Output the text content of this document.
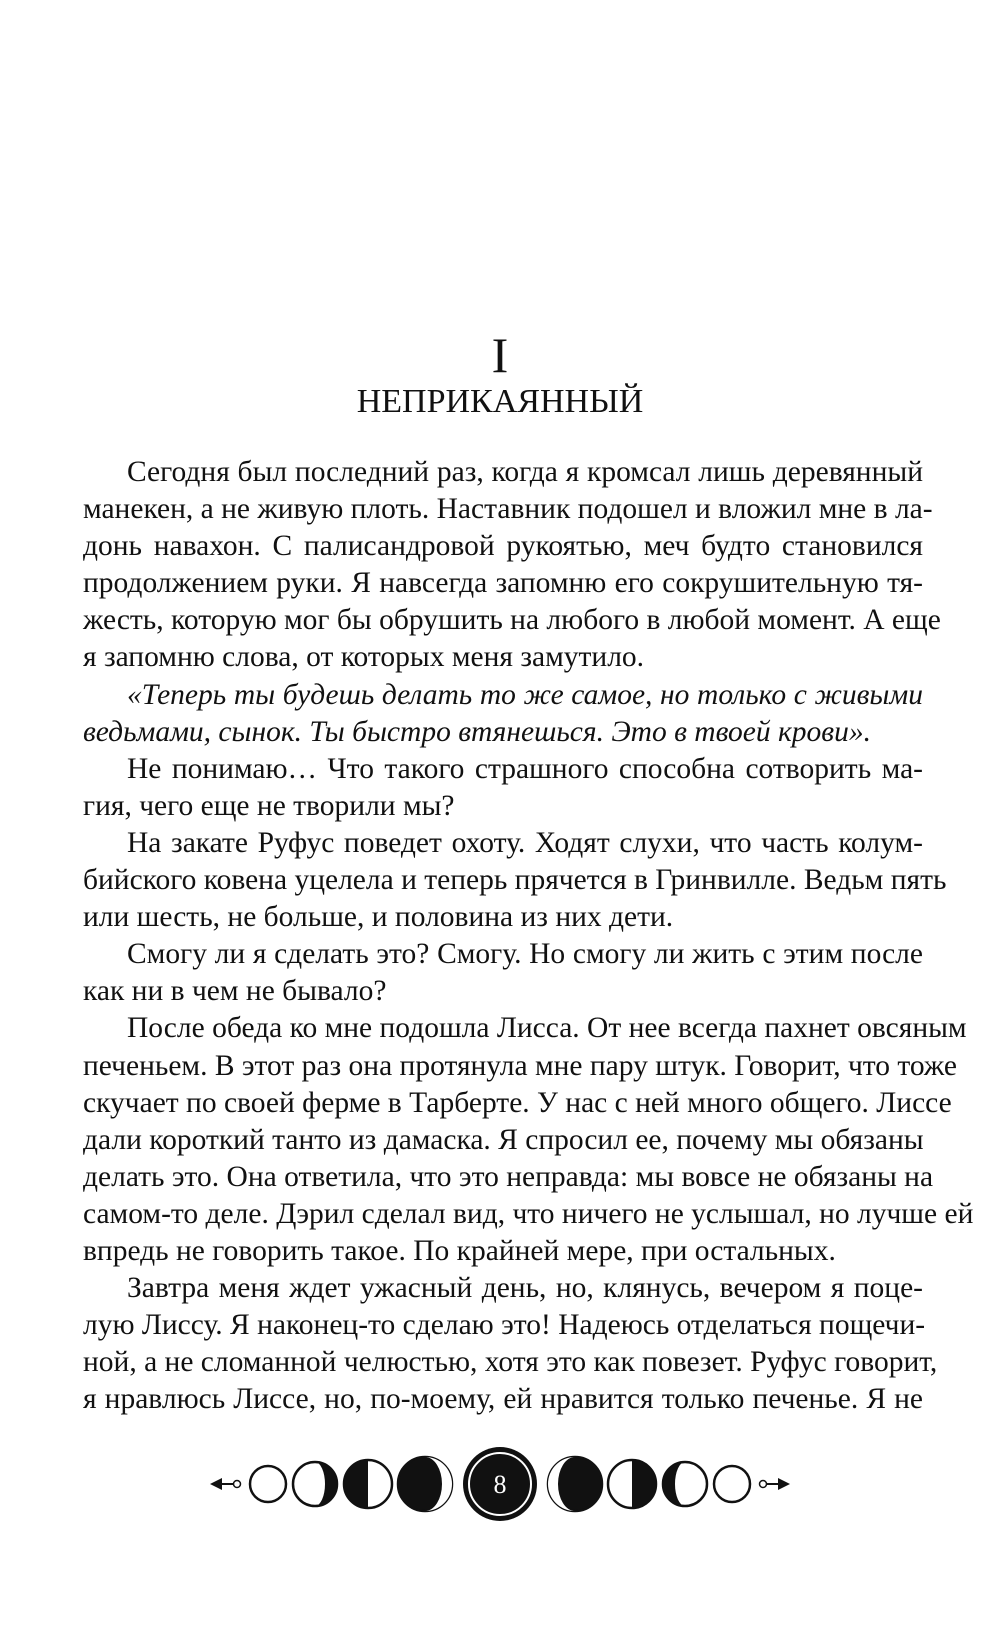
I
НЕПРИКАЯННЫЙ
Сегодня был последний раз, когда я кромсал лишь деревянный
манекен, а не живую плоть. Наставник подошел и вложил мне в ла-
донь навахон. С палисандровой рукоятью, меч будто становился
продолжением руки. Я навсегда запомню его сокрушительную тя-
жесть, которую мог бы обрушить на любого в любой момент. А еще
я запомню слова, от которых меня замутило.
«Теперь ты будешь делать то же самое, но только с живыми
ведьмами, сынок. Ты быстро втянешься. Это в твоей крови».
Не понимаю… Что такого страшного способна сотворить ма-
гия, чего еще не творили мы?
На закате Руфус поведет охоту. Ходят слухи, что часть колум-
бийского ковена уцелела и теперь прячется в Гринвилле. Ведьм пять
или шесть, не больше, и половина из них дети.
Смогу ли я сделать это? Смогу. Но смогу ли жить с этим после
как ни в чем не бывало?
После обеда ко мне подошла Лисса. От нее всегда пахнет овсяным
печеньем. В этот раз она протянула мне пару штук. Говорит, что тоже
скучает по своей ферме в Тарберте. У нас с ней много общего. Лиссе
дали короткий танто из дамаска. Я спросил ее, почему мы обязаны
делать это. Она ответила, что это неправда: мы вовсе не обязаны на
самом-то деле. Дэрил сделал вид, что ничего не услышал, но лучше ей
впредь не говорить такое. По крайней мере, при остальных.
Завтра меня ждет ужасный день, но, клянусь, вечером я поце-
лую Лиссу. Я наконец-то сделаю это! Надеюсь отделаться пощечи-
ной, а не сломанной челюстью, хотя это как повезет. Руфус говорит,
я нравлюсь Лиссе, но, по-моему, ей нравится только печенье. Я не
8
